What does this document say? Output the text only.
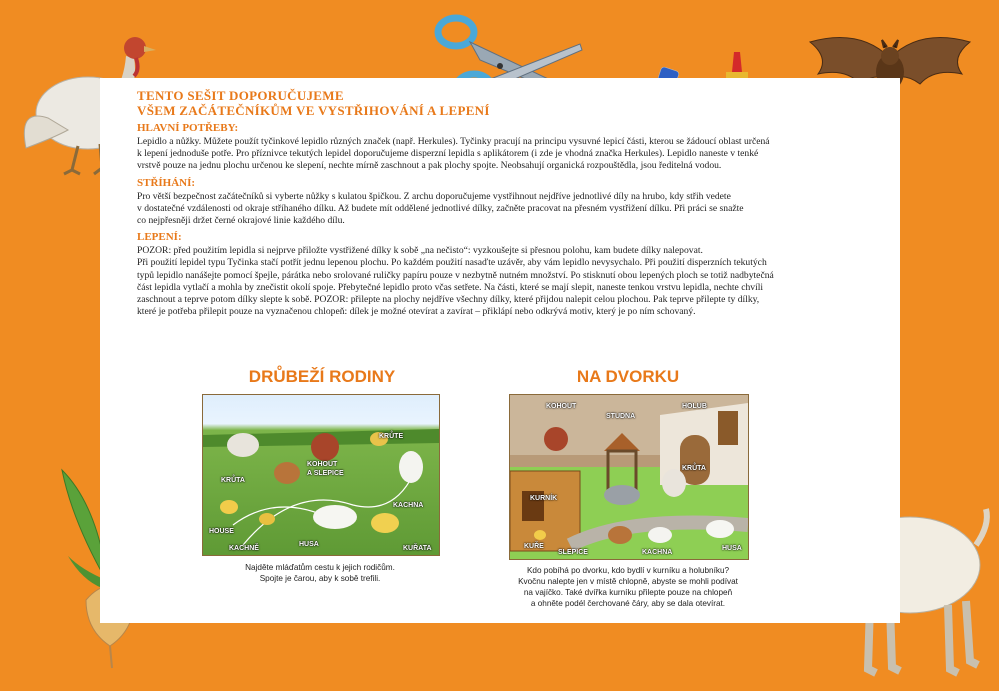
TENTO SEŠIT DOPORUČUJEME

VŠEM ZAČÁTEČNÍKŮM VE VYSTŘIHOVÁNÍ A LEPENÍ

HLAVNÍ POTŘEBY:

Lepidlo a nůžky. Můžete použít tyčinkové lepidlo různých značek (např. Herkules). Tyčinky pracují na principu vysuvné lepicí části, kterou se žádoucí oblast určená
k lepení jednoduše potře. Pro příznivce tekutých lepidel doporučujeme disperzní lepidla s aplikátorem (i zde je vhodná značka Herkules). Lepidlo naneste v tenké
vrstvě pouze na jednu plochu určenou ke slepení, nechte mírně zaschnout a pak plochy spojte. Neobsahují organická rozpouštědla, jsou ředitelná vodou.

STŘÍHÁNÍ:

Pro větší bezpečnost začátečníků si vyberte nůžky s kulatou špičkou. Z archu doporučujeme vystřihnout nejdříve jednotlivé díly na hrubo, kdy střih vedete
v dostatečné vzdálenosti od okraje stříhaného dílku. Až budete mít oddělené jednotlivé dílky, začněte pracovat na přesném vystřižení dílku. Při práci se snažte
co nejpřesněji držet černé okrajové linie každého dílu.

LEPENÍ:

POZOR: před použitím lepidla si nejprve přiložte vystřižené dílky k sobě „na nečisto“: vyzkoušejte si přesnou polohu, kam budete dílky nalepovat.
Při použití lepidel typu Tyčinka stačí potřít jednu lepenou plochu. Po každém použití nasaďte uzávěr, aby vám lepidlo nevysychalo. Při použití disperzních tekutých
typů lepidlo nanášejte pomocí špejle, párátka nebo srolované ruličky papíru pouze v nezbytně nutném množství. Po stisknutí obou lepených ploch se totiž nadbytečná
část lepidla vytlačí a mohla by znečistit okolí spoje. Přebytečné lepidlo proto včas setřete. Na části, které se mají slepit, naneste tenkou vrstvu lepidla, nechte chvíli
zaschnout a teprve potom dílky slepte k sobě. POZOR: přilepte na plochy nejdříve všechny dílky, které přijdou nalepit celou plochou. Pak teprve přilepte ty dílky,
které je potřeba přilepit pouze na vyznačenou chlopeň: dílek je možné otevírat a zavírat – přiklápí nebo odkrývá motiv, který je po ním schovaný.

DRŮBEŽÍ RODINY
KRŮTA
KOHOUT
A SLEPICE
KRŮTE
KACHNA
HOUSE
KACHNĚ
HUSA
KUŘATA
Najděte mláďatům cestu k jejich rodičům.
Spojte je čarou, aby k sobě trefili.
NA DVORKU
KOHOUT
STUDNA
HOLUB
KRŮTA
KURNÍK
KUŘE
SLEPICE	KACHNA
HUSA
Kdo pobíhá po dvorku, kdo bydlí v kurníku a holubníku?
Kvočnu nalepte jen v místě chlopně, abyste se mohli podívat
na vajíčko. Také dvířka kurníku přilepte pouze na chlopeň
a ohněte podél čerchované čáry, aby se dala otevírat.
